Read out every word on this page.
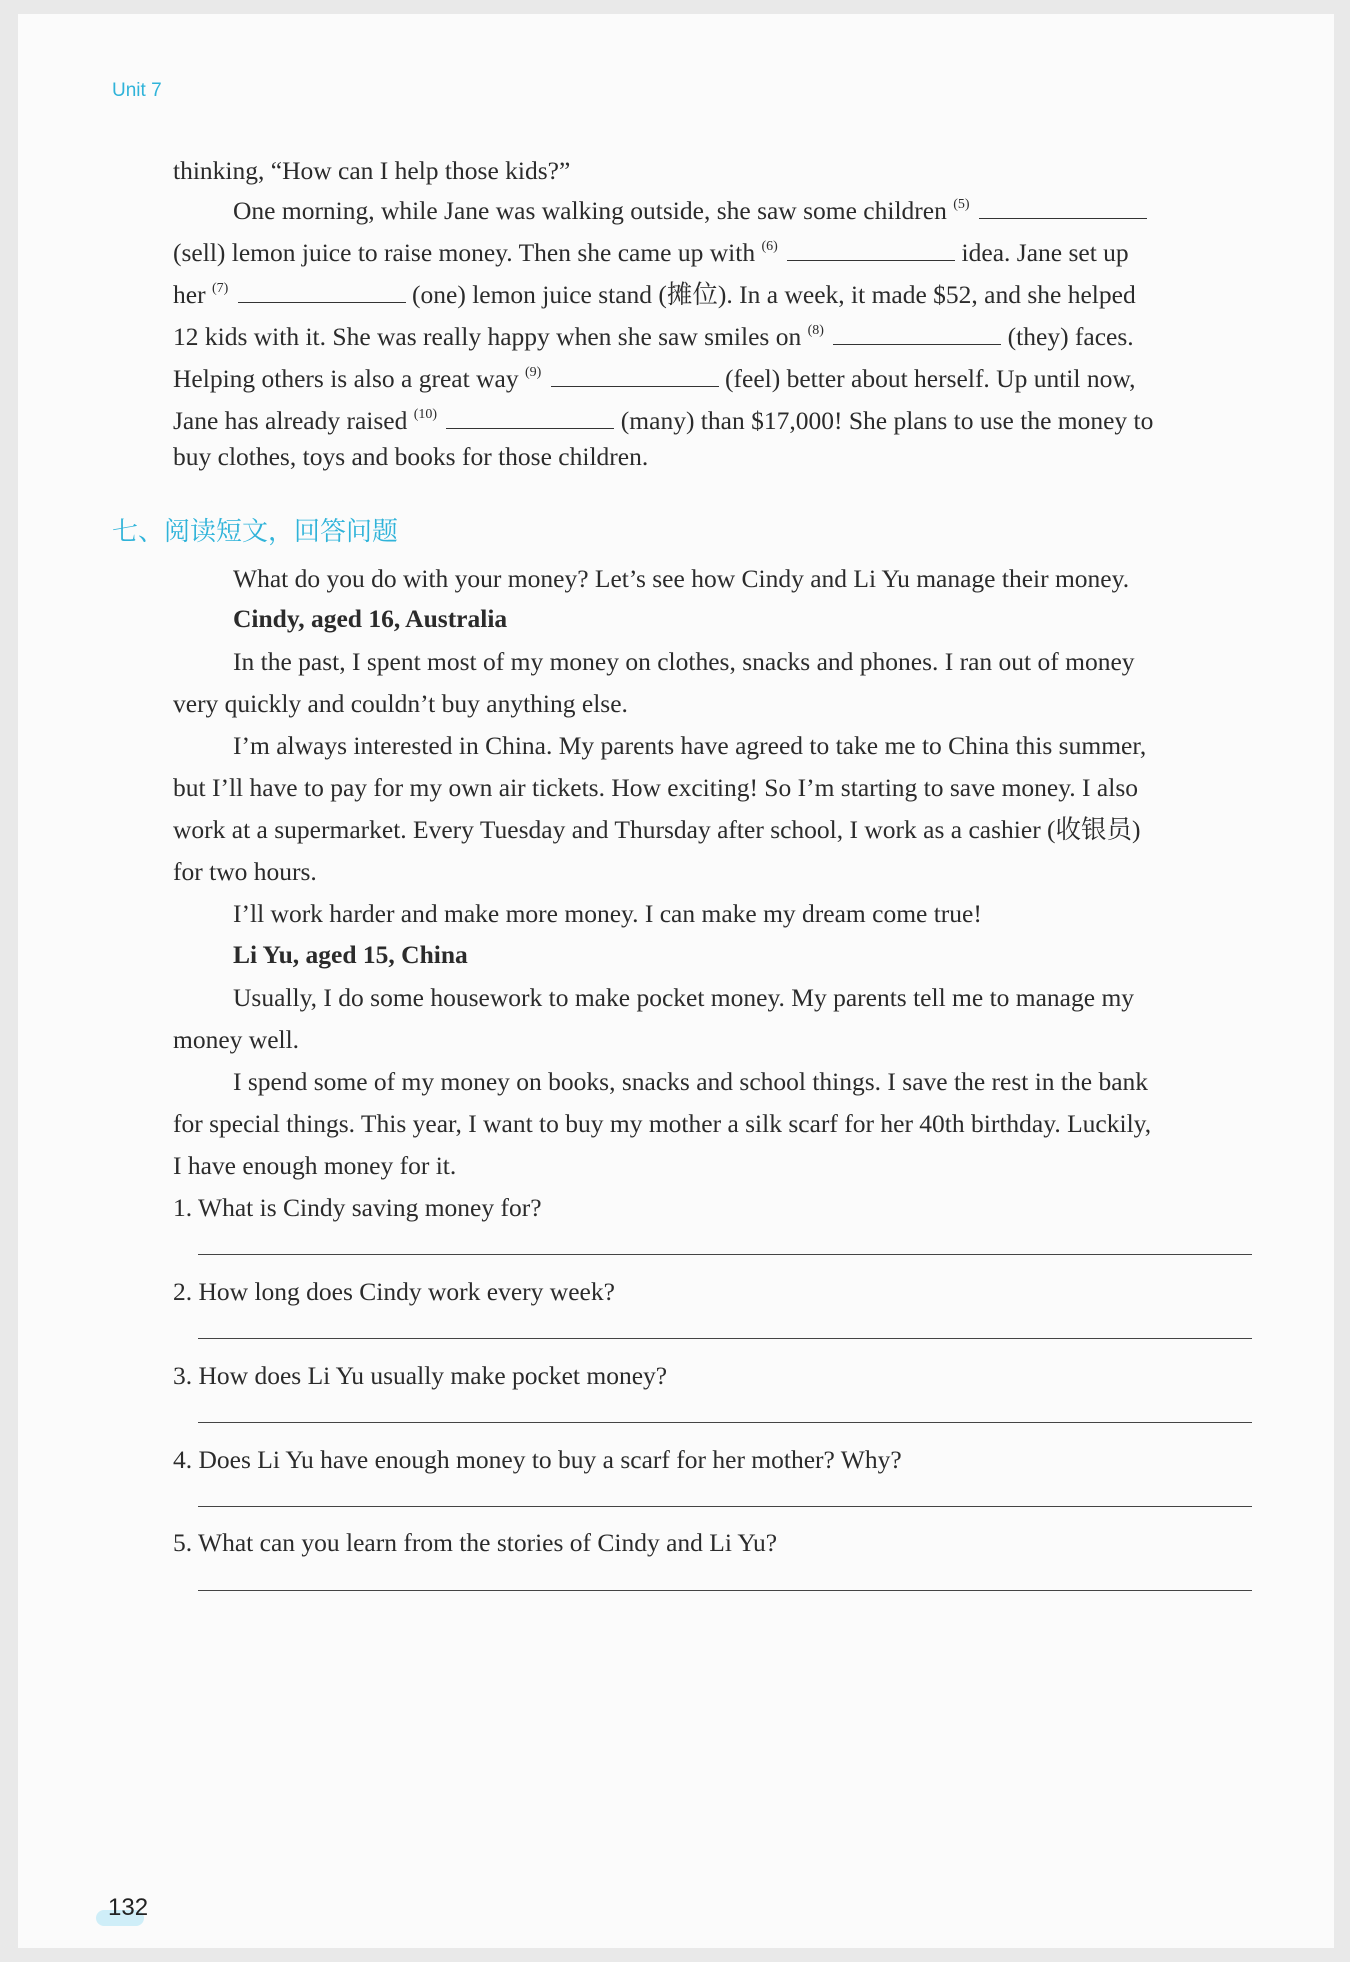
Unit 7
thinking, “How can I help those kids?”
One morning, while Jane was walking outside, she saw some children $^{(5)}$
(sell) lemon juice to raise money. Then she came up with $^{(6)}$	idea. Jane set up
her $^{(7)}$	(one) lemon juice stand (摊位). In a week, it made $52, and she helped
12 kids with it. She was really happy when she saw smiles on $^{(8)}$	(they) faces.
Helping others is also a great way $^{(9)}$	(feel) better about herself. Up until now,
Jane has already raised $^{(10)}$	(many) than $17,000! She plans to use the money to
buy clothes, toys and books for those children.
七、阅读短文，回答问题
What do you do with your money? Let’s see how Cindy and Li Yu manage their money.
Cindy, aged 16, Australia
In the past, I spent most of my money on clothes, snacks and phones. I ran out of money
very quickly and couldn’t buy anything else.
I’m always interested in China. My parents have agreed to take me to China this summer,
but I’ll have to pay for my own air tickets. How exciting! So I’m starting to save money. I also
work at a supermarket. Every Tuesday and Thursday after school, I work as a cashier (收银员)
for two hours.
I’ll work harder and make more money. I can make my dream come true!
Li Yu, aged 15, China
Usually, I do some housework to make pocket money. My parents tell me to manage my
money well.
I spend some of my money on books, snacks and school things. I save the rest in the bank
for special things. This year, I want to buy my mother a silk scarf for her 40th birthday. Luckily,
I have enough money for it.
1. What is Cindy saving money for?
2. How long does Cindy work every week?
3. How does Li Yu usually make pocket money?
4. Does Li Yu have enough money to buy a scarf for her mother? Why?
5. What can you learn from the stories of Cindy and Li Yu?
132
